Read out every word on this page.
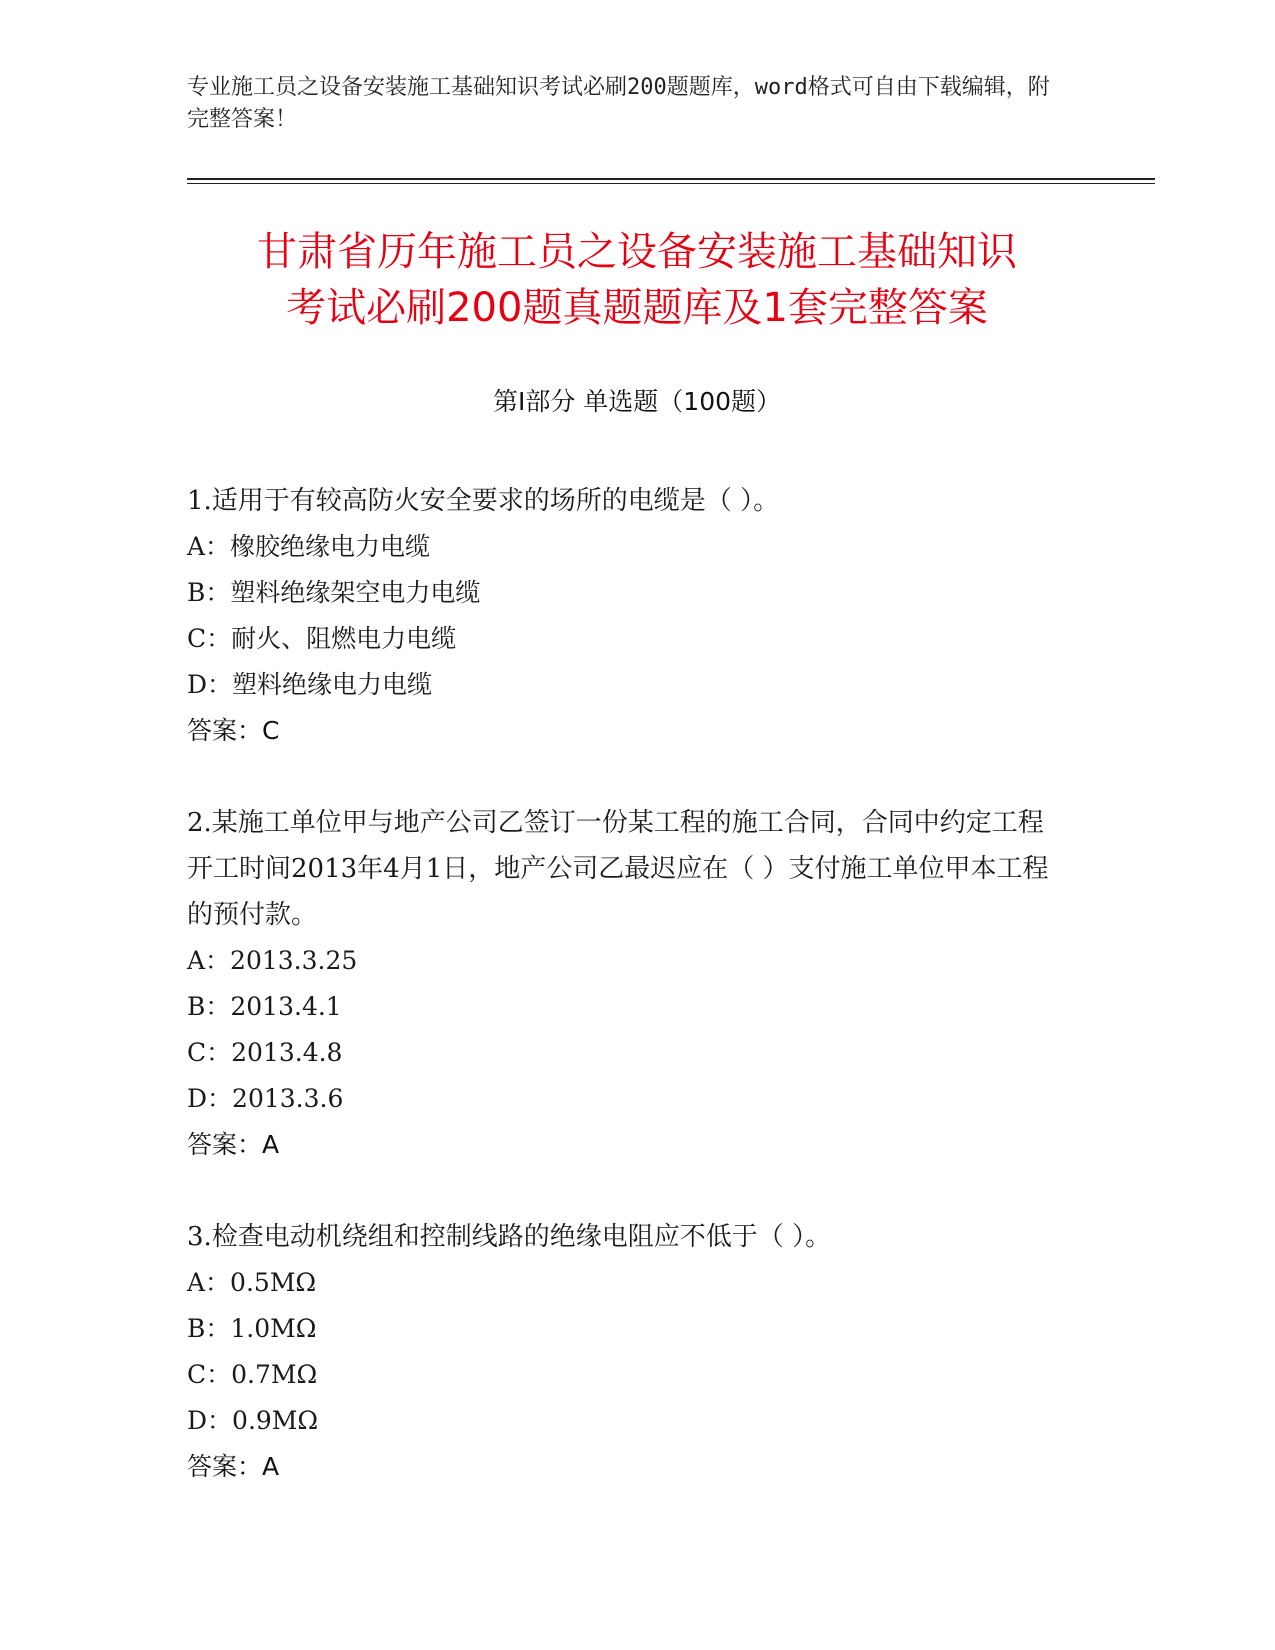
专业施工员之设备安装施工基础知识考试必刷200题题库，word格式可自由下载编辑，附完整答案！
甘肃省历年施工员之设备安装施工基础知识
考试必刷200题真题题库及1套完整答案
第I部分 单选题（100题）

1.适用于有较高防火安全要求的场所的电缆是（ ）。

A：橡胶绝缘电力电缆

B：塑料绝缘架空电力电缆

C：耐火、阻燃电力电缆

D：塑料绝缘电力电缆

答案：C

2.某施工单位甲与地产公司乙签订一份某工程的施工合同，合同中约定工程开工时间2013年4月1日，地产公司乙最迟应在（ ）支付施工单位甲本工程的预付款。

A：2013.3.25

B：2013.4.1

C：2013.4.8

D：2013.3.6

答案：A

3.检查电动机绕组和控制线路的绝缘电阻应不低于（ ）。

A：0.5MΩ

B：1.0MΩ

C：0.7MΩ

D：0.9MΩ

答案：A
